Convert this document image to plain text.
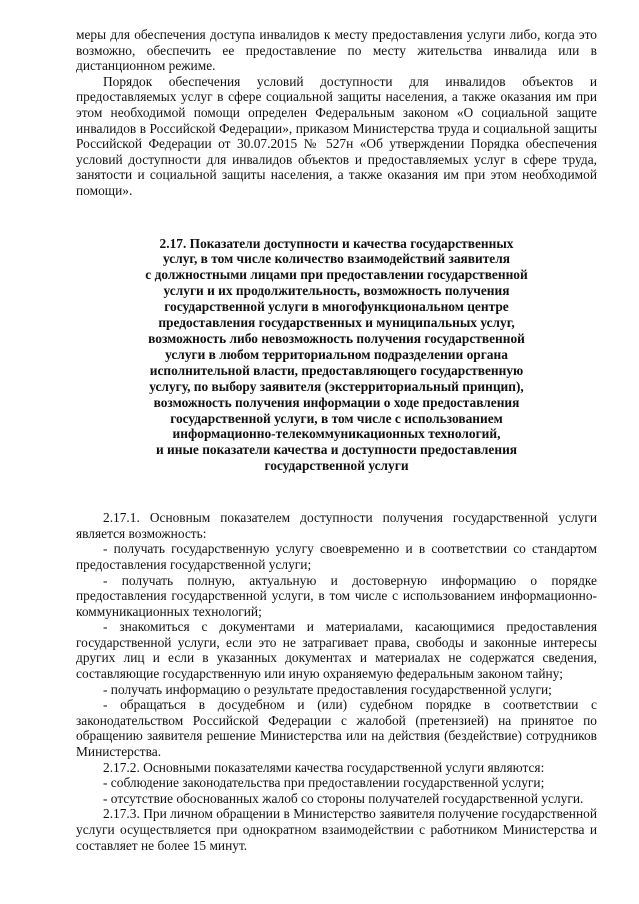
меры для обеспечения доступа инвалидов к месту предоставления услуги либо, когда это возможно, обеспечить ее предоставление по месту жительства инвалида или в дистанционном режиме.

Порядок обеспечения условий доступности для инвалидов объектов и предоставляемых услуг в сфере социальной защиты населения, а также оказания им при этом необходимой помощи определен Федеральным законом «О социальной защите инвалидов в Российской Федерации», приказом Министерства труда и социальной защиты Российской Федерации от 30.07.2015 № 527н «Об утверждении Порядка обеспечения условий доступности для инвалидов объектов и предоставляемых услуг в сфере труда, занятости и социальной защиты населения, а также оказания им при этом необходимой помощи».

2.17. Показатели доступности и качества государственных
услуг, в том числе количество взаимодействий заявителя
с должностными лицами при предоставлении государственной
услуги и их продолжительность, возможность получения
государственной услуги в многофункциональном центре
предоставления государственных и муниципальных услуг,
возможность либо невозможность получения государственной
услуги в любом территориальном подразделении органа
исполнительной власти, предоставляющего государственную
услугу, по выбору заявителя (экстерриториальный принцип),
возможность получения информации о ходе предоставления
государственной услуги, в том числе с использованием
информационно-телекоммуникационных технологий,
и иные показатели качества и доступности предоставления
государственной услуги

2.17.1. Основным показателем доступности получения государственной услуги является возможность:

- получать государственную услугу своевременно и в соответствии со стандартом предоставления государственной услуги;

- получать полную, актуальную и достоверную информацию о порядке предоставления государственной услуги, в том числе с использованием информационно-коммуникационных технологий;

- знакомиться с документами и материалами, касающимися предоставления государственной услуги, если это не затрагивает права, свободы и законные интересы других лиц и если в указанных документах и материалах не содержатся сведения, составляющие государственную или иную охраняемую федеральным законом тайну;

- получать информацию о результате предоставления государственной услуги;

- обращаться в досудебном и (или) судебном порядке в соответствии с законодательством Российской Федерации с жалобой (претензией) на принятое по обращению заявителя решение Министерства или на действия (бездействие) сотрудников Министерства.

2.17.2. Основными показателями качества государственной услуги являются:

- соблюдение законодательства при предоставлении государственной услуги;

- отсутствие обоснованных жалоб со стороны получателей государственной услуги.

2.17.3. При личном обращении в Министерство заявителя получение государственной услуги осуществляется при однократном взаимодействии с работником Министерства и составляет не более 15 минут.
